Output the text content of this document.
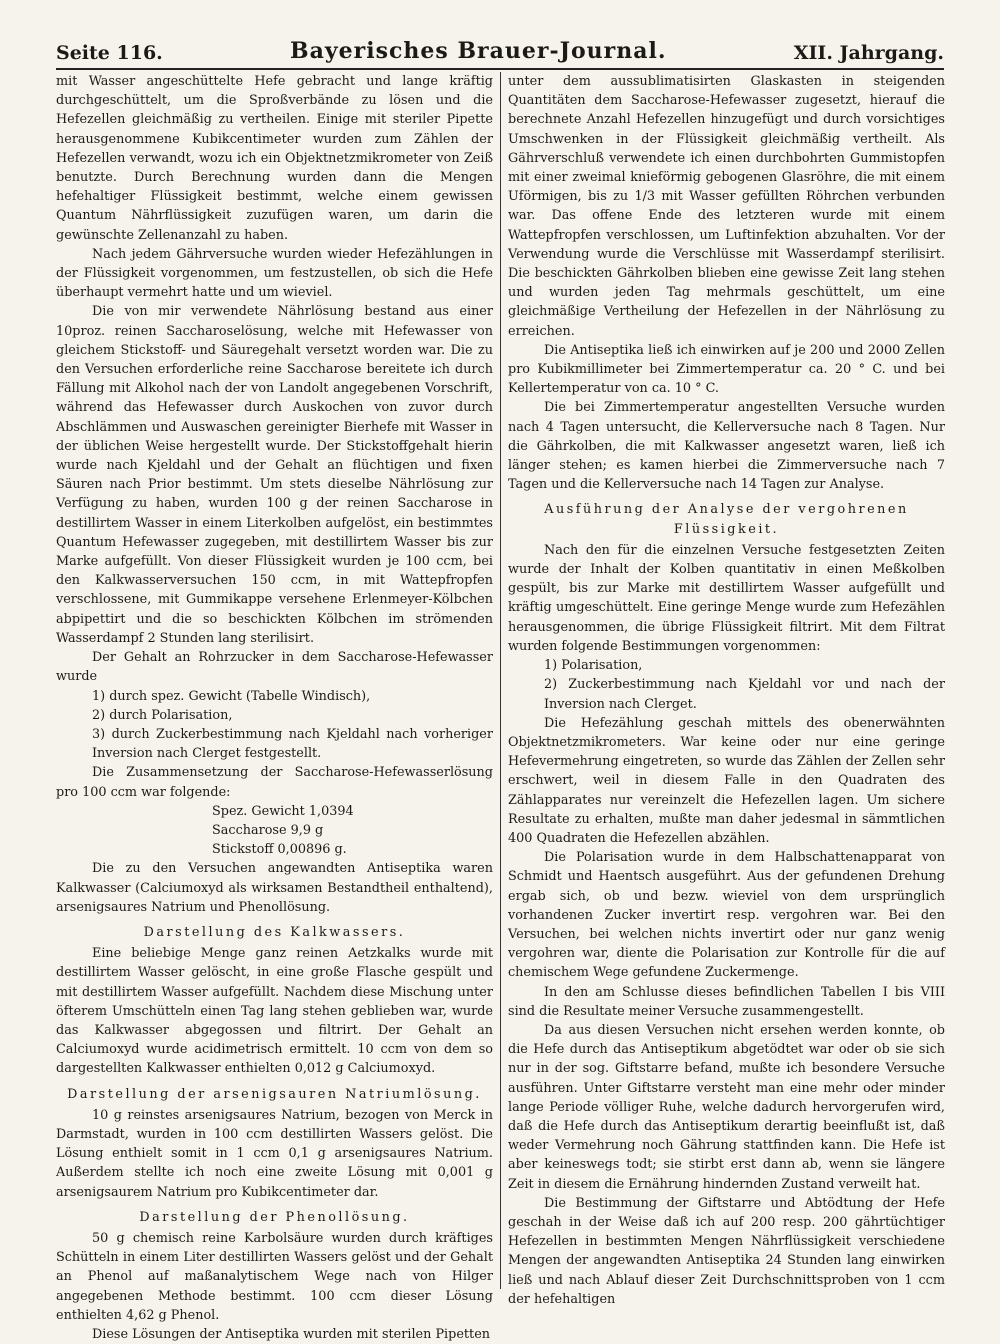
Seite 116.	Bayerisches Brauer-Journal.	XII. Jahrgang.

mit Wasser angeschüttelte Hefe gebracht und lange kräftig durchgeschüttelt, um die Sproßverbände zu lösen und die Hefezellen gleichmäßig zu vertheilen. Einige mit steriler Pipette herausgenommene Kubikcentimeter wurden zum Zählen der Hefezellen verwandt, wozu ich ein Objektnetzmikrometer von Zeiß benutzte. Durch Berechnung wurden dann die Mengen hefehaltiger Flüssigkeit bestimmt, welche einem gewissen Quantum Nährflüssigkeit zuzufügen waren, um darin die gewünschte Zellenanzahl zu haben.

Nach jedem Gährversuche wurden wieder Hefezählungen in der Flüssigkeit vorgenommen, um festzustellen, ob sich die Hefe überhaupt vermehrt hatte und um wieviel.

Die von mir verwendete Nährlösung bestand aus einer 10proz. reinen Saccharoselösung, welche mit Hefewasser von gleichem Stickstoff- und Säuregehalt versetzt worden war. Die zu den Versuchen erforderliche reine Saccharose bereitete ich durch Fällung mit Alkohol nach der von Landolt angegebenen Vorschrift, während das Hefewasser durch Auskochen von zuvor durch Abschlämmen und Auswaschen gereinigter Bierhefe mit Wasser in der üblichen Weise hergestellt wurde. Der Stickstoffgehalt hierin wurde nach Kjeldahl und der Gehalt an flüchtigen und fixen Säuren nach Prior bestimmt. Um stets dieselbe Nährlösung zur Verfügung zu haben, wurden 100 g der reinen Saccharose in destillirtem Wasser in einem Literkolben aufgelöst, ein bestimmtes Quantum Hefewasser zugegeben, mit destillirtem Wasser bis zur Marke aufgefüllt. Von dieser Flüssigkeit wurden je 100 ccm, bei den Kalkwasserversuchen 150 ccm, in mit Wattepfropfen verschlossene, mit Gummikappe versehene Erlenmeyer-Kölbchen abpipettirt und die so beschickten Kölbchen im strömenden Wasserdampf 2 Stunden lang sterilisirt.

Der Gehalt an Rohrzucker in dem Saccharose-Hefewasser wurde

1) durch spez. Gewicht (Tabelle Windisch),

2) durch Polarisation,

3) durch Zuckerbestimmung nach Kjeldahl nach vorheriger Inversion nach Clerget festgestellt.

Die Zusammensetzung der Saccharose-Hefewasserlösung pro 100 ccm war folgende:

Spez. Gewicht 1,0394
Saccharose 9,9 g
Stickstoff 0,00896 g.

Die zu den Versuchen angewandten Antiseptika waren Kalkwasser (Calciumoxyd als wirksamen Bestandtheil enthaltend), arsenigsaures Natrium und Phenollösung.

Darstellung des Kalkwassers.

Eine beliebige Menge ganz reinen Aetzkalks wurde mit destillirtem Wasser gelöscht, in eine große Flasche gespült und mit destillirtem Wasser aufgefüllt. Nachdem diese Mischung unter öfterem Umschütteln einen Tag lang stehen geblieben war, wurde das Kalkwasser abgegossen und filtrirt. Der Gehalt an Calciumoxyd wurde acidimetrisch ermittelt. 10 ccm von dem so dargestellten Kalkwasser enthielten 0,012 g Calciumoxyd.

Darstellung der arsenigsauren Natriumlösung.

10 g reinstes arsenigsaures Natrium, bezogen von Merck in Darmstadt, wurden in 100 ccm destillirten Wassers gelöst. Die Lösung enthielt somit in 1 ccm 0,1 g arsenigsaures Natrium. Außerdem stellte ich noch eine zweite Lösung mit 0,001 g arsenigsaurem Natrium pro Kubikcentimeter dar.

Darstellung der Phenollösung.

50 g chemisch reine Karbolsäure wurden durch kräftiges Schütteln in einem Liter destillirten Wassers gelöst und der Gehalt an Phenol auf maßanalytischem Wege nach von Hilger angegebenen Methode bestimmt. 100 ccm dieser Lösung enthielten 4,62 g Phenol.

Diese Lösungen der Antiseptika wurden mit sterilen Pipetten

unter dem aussublimatisirten Glaskasten in steigenden Quantitäten dem Saccharose-Hefewasser zugesetzt, hierauf die berechnete Anzahl Hefezellen hinzugefügt und durch vorsichtiges Umschwenken in der Flüssigkeit gleichmäßig vertheilt. Als Gährverschluß verwendete ich einen durchbohrten Gummistopfen mit einer zweimal knieförmig gebogenen Glasröhre, die mit einem Uförmigen, bis zu 1/3 mit Wasser gefüllten Röhrchen verbunden war. Das offene Ende des letzteren wurde mit einem Wattepfropfen verschlossen, um Luftinfektion abzuhalten. Vor der Verwendung wurde die Verschlüsse mit Wasserdampf sterilisirt. Die beschickten Gährkolben blieben eine gewisse Zeit lang stehen und wurden jeden Tag mehrmals geschüttelt, um eine gleichmäßige Vertheilung der Hefezellen in der Nährlösung zu erreichen.

Die Antiseptika ließ ich einwirken auf je 200 und 2000 Zellen pro Kubikmillimeter bei Zimmertemperatur ca. 20 ° C. und bei Kellertemperatur von ca. 10 ° C.

Die bei Zimmertemperatur angestellten Versuche wurden nach 4 Tagen untersucht, die Kellerversuche nach 8 Tagen. Nur die Gährkolben, die mit Kalkwasser angesetzt waren, ließ ich länger stehen; es kamen hierbei die Zimmerversuche nach 7 Tagen und die Kellerversuche nach 14 Tagen zur Analyse.

Ausführung der Analyse der vergohrenen Flüssigkeit.

Nach den für die einzelnen Versuche festgesetzten Zeiten wurde der Inhalt der Kolben quantitativ in einen Meßkolben gespült, bis zur Marke mit destillirtem Wasser aufgefüllt und kräftig umgeschüttelt. Eine geringe Menge wurde zum Hefezählen herausgenommen, die übrige Flüssigkeit filtrirt. Mit dem Filtrat wurden folgende Bestimmungen vorgenommen:

1) Polarisation,

2) Zuckerbestimmung nach Kjeldahl vor und nach der Inversion nach Clerget.

Die Hefezählung geschah mittels des obenerwähnten Objektnetzmikrometers. War keine oder nur eine geringe Hefevermehrung eingetreten, so wurde das Zählen der Zellen sehr erschwert, weil in diesem Falle in den Quadraten des Zählapparates nur vereinzelt die Hefezellen lagen. Um sichere Resultate zu erhalten, mußte man daher jedesmal in sämmtlichen 400 Quadraten die Hefezellen abzählen.

Die Polarisation wurde in dem Halbschattenapparat von Schmidt und Haentsch ausgeführt. Aus der gefundenen Drehung ergab sich, ob und bezw. wieviel von dem ursprünglich vorhandenen Zucker invertirt resp. vergohren war. Bei den Versuchen, bei welchen nichts invertirt oder nur ganz wenig vergohren war, diente die Polarisation zur Kontrolle für die auf chemischem Wege gefundene Zuckermenge.

In den am Schlusse dieses befindlichen Tabellen I bis VIII sind die Resultate meiner Versuche zusammengestellt.

Da aus diesen Versuchen nicht ersehen werden konnte, ob die Hefe durch das Antiseptikum abgetödtet war oder ob sie sich nur in der sog. Giftstarre befand, mußte ich besondere Versuche ausführen. Unter Giftstarre versteht man eine mehr oder minder lange Periode völliger Ruhe, welche dadurch hervorgerufen wird, daß die Hefe durch das Antiseptikum derartig beeinflußt ist, daß weder Vermehrung noch Gährung stattfinden kann. Die Hefe ist aber keineswegs todt; sie stirbt erst dann ab, wenn sie längere Zeit in diesem die Ernährung hindernden Zustand verweilt hat.

Die Bestimmung der Giftstarre und Abtödtung der Hefe geschah in der Weise daß ich auf 200 resp. 200 gährtüchtiger Hefezellen in bestimmten Mengen Nährflüssigkeit verschiedene Mengen der angewandten Antiseptika 24 Stunden lang einwirken ließ und nach Ablauf dieser Zeit Durchschnittsproben von 1 ccm der hefehaltigen
